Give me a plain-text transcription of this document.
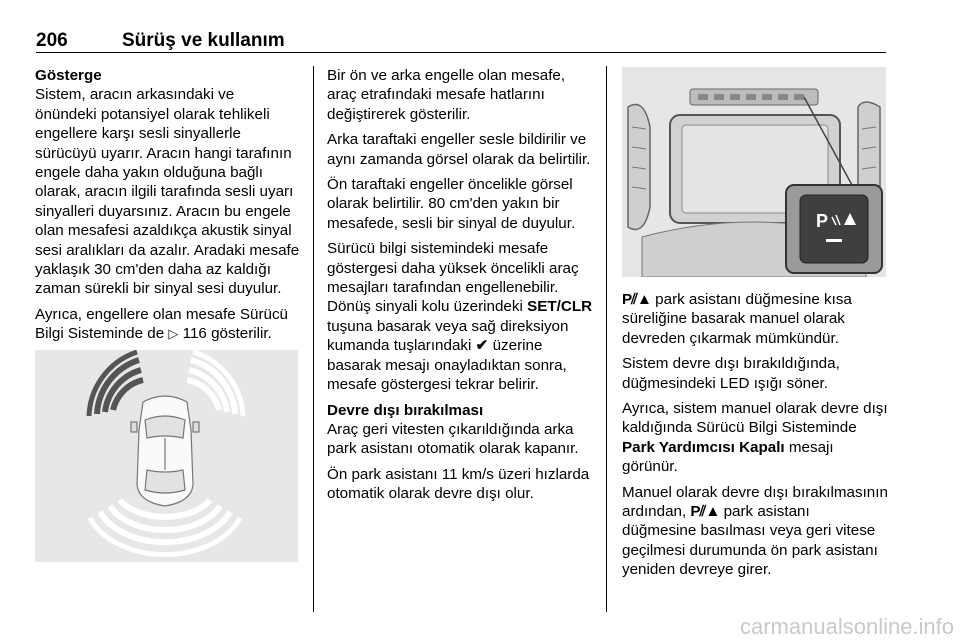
206	Sürüş ve kullanım

Gösterge

Sistem, aracın arkasındaki ve önündeki potansiyel olarak tehlikeli engellere karşı sesli sinyallerle sürücüyü uyarır. Aracın hangi tarafının engele daha yakın olduğuna bağlı olarak, aracın ilgili tarafında sesli uyarı sinyalleri duyarsınız. Aracın bu engele olan mesafesi azaldıkça akustik sinyal sesi aralıkları da azalır. Aradaki mesafe yaklaşık 30 cm'den daha az kaldığı zaman sürekli bir sinyal sesi duyulur.

Ayrıca, engellere olan mesafe Sürücü Bilgi Sisteminde de ▷ 116 gösterilir.

Bir ön ve arka engelle olan mesafe, araç etrafındaki mesafe hatlarını değiştirerek gösterilir.

Arka taraftaki engeller sesle bildirilir ve aynı zamanda görsel olarak da belirtilir.

Ön taraftaki engeller öncelikle görsel olarak belirtilir. 80 cm'den yakın bir mesafede, sesli bir sinyal de duyulur.

Sürücü bilgi sistemindeki mesafe göstergesi daha yüksek öncelikli araç mesajları tarafından engellenebilir. Dönüş sinyali kolu üzerindeki SET/CLR tuşuna basarak veya sağ direksiyon kumanda tuşlarındaki ✔ üzerine basarak mesajı onayladıktan sonra, mesafe göstergesi tekrar belirir.

Devre dışı bırakılması

Araç geri vitesten çıkarıldığında arka park asistanı otomatik olarak kapanır.

Ön park asistanı 11 km/s üzeri hızlarda otomatik olarak devre dışı olur.

P

P⫽▲ park asistanı düğmesine kısa süreliğine basarak manuel olarak devreden çıkarmak mümkündür.

Sistem devre dışı bırakıldığında, düğmesindeki LED ışığı söner.

Ayrıca, sistem manuel olarak devre dışı kaldığında Sürücü Bilgi Sisteminde Park Yardımcısı Kapalı mesajı görünür.

Manuel olarak devre dışı bırakılmasının ardından, P⫽▲ park asistanı düğmesine basılması veya geri vitese geçilmesi durumunda ön park asistanı yeniden devreye girer.

carmanualsonline.info
